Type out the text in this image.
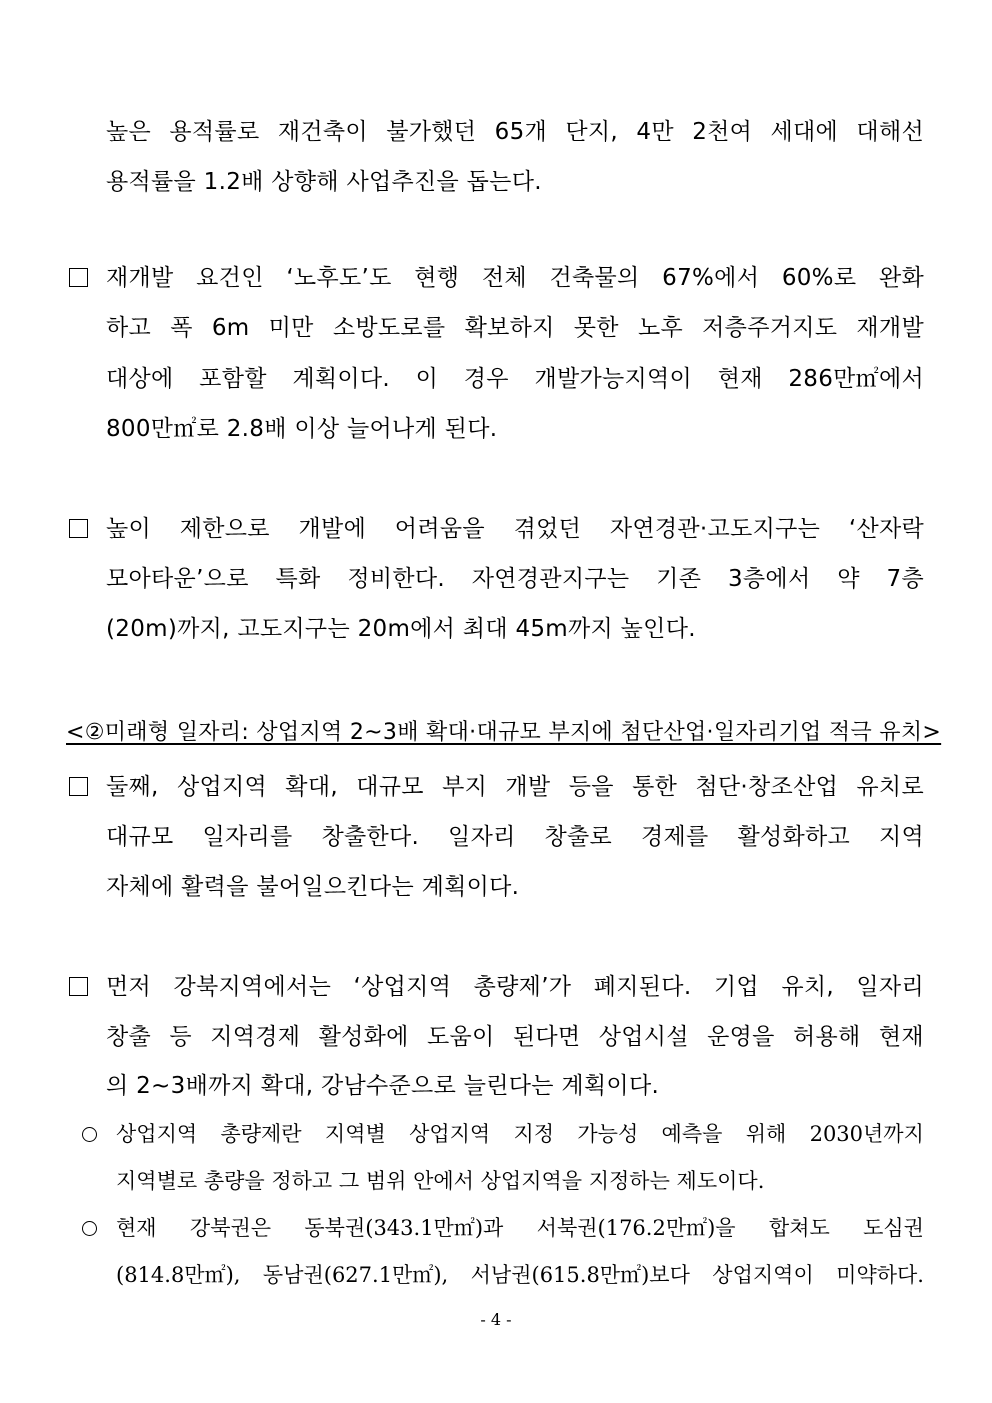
높은 용적률로 재건축이 불가했던 65개 단지, 4만 2천여 세대에 대해선
용적률을 1.2배 상향해 사업추진을 돕는다.
재개발 요건인 ‘노후도’도 현행 전체 건축물의 67%에서 60%로 완화
하고 폭 6m 미만 소방도로를 확보하지 못한 노후 저층주거지도 재개발
대상에 포함할 계획이다. 이 경우 개발가능지역이 현재 286만㎡에서
800만㎡로 2.8배 이상 늘어나게 된다.
높이 제한으로 개발에 어려움을 겪었던 자연경관·고도지구는 ‘산자락
모아타운’으로 특화 정비한다. 자연경관지구는 기존 3층에서 약 7층
(20m)까지, 고도지구는 20m에서 최대 45m까지 높인다.
<②미래형 일자리: 상업지역 2~3배 확대·대규모 부지에 첨단산업·일자리기업 적극 유치>
둘째, 상업지역 확대, 대규모 부지 개발 등을 통한 첨단·창조산업 유치로
대규모 일자리를 창출한다. 일자리 창출로 경제를 활성화하고 지역
자체에 활력을 불어일으킨다는 계획이다.
먼저 강북지역에서는 ‘상업지역 총량제’가 폐지된다. 기업 유치, 일자리
창출 등 지역경제 활성화에 도움이 된다면 상업시설 운영을 허용해 현재
의 2~3배까지 확대, 강남수준으로 늘린다는 계획이다.
상업지역 총량제란 지역별 상업지역 지정 가능성 예측을 위해 2030년까지
지역별로 총량을 정하고 그 범위 안에서 상업지역을 지정하는 제도이다.
현재 강북권은 동북권(343.1만㎡)과 서북권(176.2만㎡)을 합쳐도 도심권
(814.8만㎡), 동남권(627.1만㎡), 서남권(615.8만㎡)보다 상업지역이 미약하다.
- 4 -
